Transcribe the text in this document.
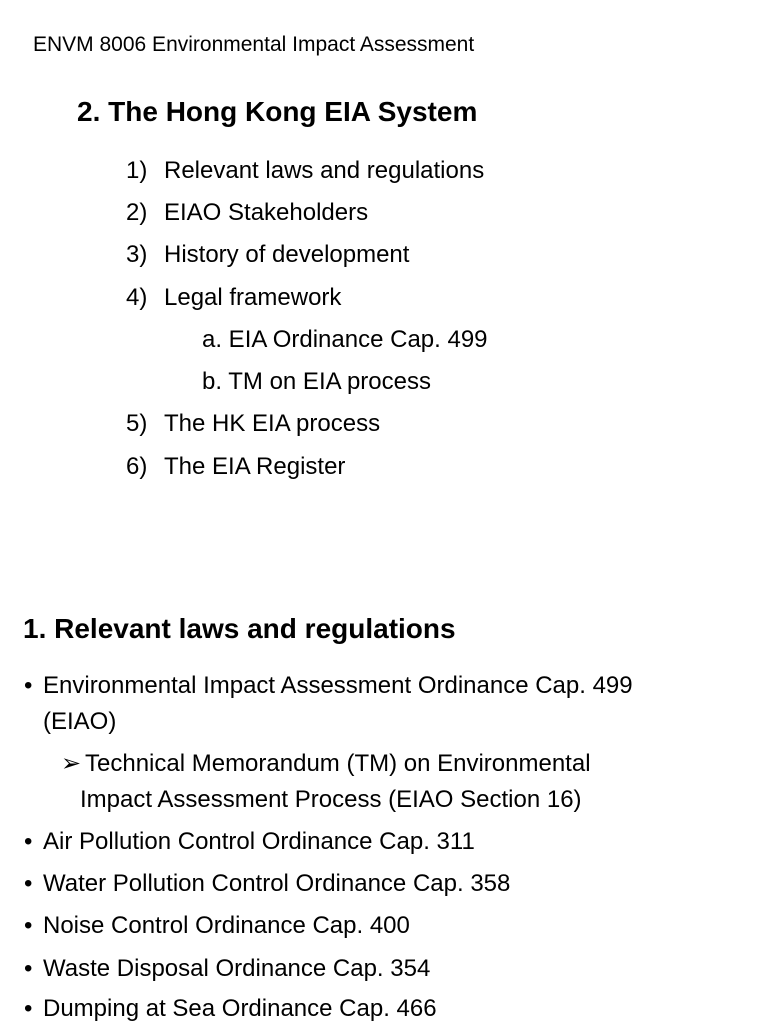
ENVM 8006 Environmental Impact Assessment
2. The Hong Kong EIA System
1) Relevant laws and regulations
2) EIAO Stakeholders
3) History of development
4) Legal framework
a. EIA Ordinance Cap. 499
b. TM on EIA process
5) The HK EIA process
6) The EIA Register
1. Relevant laws and regulations
• Environmental Impact Assessment Ordinance Cap. 499
(EIAO)
➢ Technical Memorandum (TM) on Environmental
Impact Assessment Process (EIAO Section 16)
• Air Pollution Control Ordinance Cap. 311
• Water Pollution Control Ordinance Cap. 358
• Noise Control Ordinance Cap. 400
• Waste Disposal Ordinance Cap. 354
• Dumping at Sea Ordinance Cap. 466
